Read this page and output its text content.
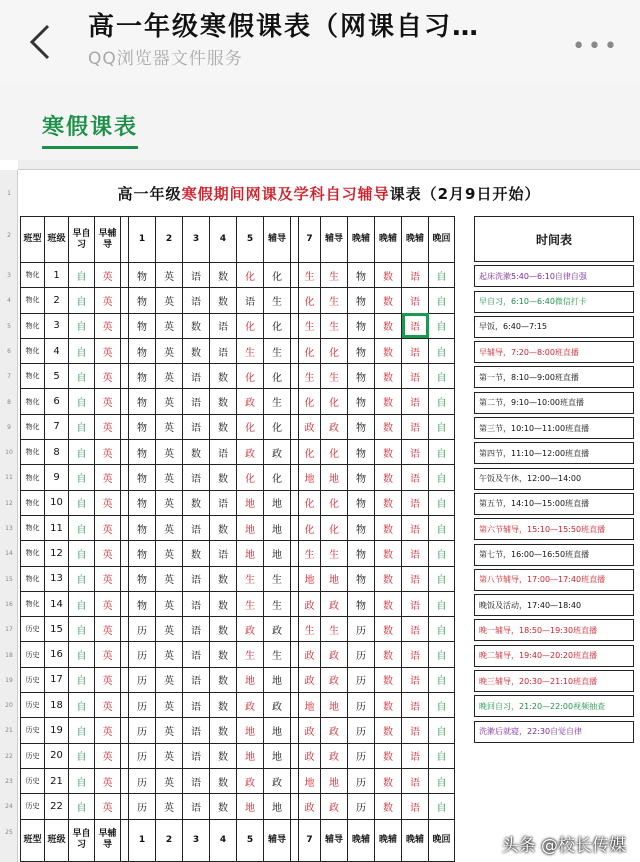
高一年级寒假课表（网课自习…
QQ浏览器文件服务	•••
寒假课表
1
2
3
4
5
6
7
8
9
10
11
12
13
14
15
16
17
18
19
20
21
22
23
24
25
高一年级 寒假期间网课及学科自习辅导 课表（2月9日开始）
班型	班级	早自习	早辅导		1	2	3	4	5	辅导		7	辅导	晚辅	晚辅	晚辅	晚回
物化	1	自	英		物	英	语	数	化	化		生	生	物	数	语	自
物化	2	自	英		物	英	语	数	语	生		化	生	物	数	语	自
物化	3	自	英		物	英	数	语	化	化		生	生	物	数	语	自
物化	4	自	英		物	英	数	语	生	生		化	化	物	数	语	自
物化	5	自	英		物	英	语	数	化	化		生	生	物	数	语	自
物化	6	自	英		物	英	语	数	政	生		化	化	物	数	语	自
物化	7	自	英		物	英	语	数	化	化		政	政	物	数	语	自
物化	8	自	英		物	英	数	语	政	政		化	化	物	数	语	自
物化	9	自	英		物	英	语	数	化	化		地	地	物	数	语	自
物化	10	自	英		物	英	数	语	地	地		化	化	物	数	语	自
物化	11	自	英		物	英	语	数	地	地		化	化	物	数	语	自
物化	12	自	英		物	英	数	语	地	地		生	生	物	数	语	自
物化	13	自	英		物	英	语	数	生	生		地	地	物	数	语	自
物化	14	自	英		物	英	语	数	生	生		政	政	物	数	语	自
历史	15	自	英		历	英	语	数	政	政		生	生	历	数	语	自
历史	16	自	英		历	英	语	数	生	生		政	政	历	数	语	自
历史	17	自	英		历	英	语	数	地	地		政	政	历	数	语	自
历史	18	自	英		历	英	语	数	政	政		地	地	历	数	语	自
历史	19	自	英		历	英	语	数	地	地		政	政	历	数	语	自
历史	20	自	英		历	英	语	数	地	地		政	政	历	数	语	自
历史	21	自	英		历	英	语	数	政	政		地	地	历	数	语	自
历史	22	自	英		历	英	语	数	地	地		政	政	历	数	语	自
班型	班级	早自习	早辅导		1	2	3	4	5	辅导		7	辅导	晚辅	晚辅	晚辅	晚回
时间表
起床洗漱5:40—6:10自律自强
早自习，6:10—6:40微信打卡
早饭，6:40—7:15
早辅导，7:20—8:00班直播
第一节，8:10—9:00班直播
第二节，9:10—10:00班直播
第三节，10:10—11:00班直播
第四节，11:10—12:00班直播
午饭及午休，12:00—14:00
第五节，14:10—15:00班直播
第六节辅导，15:10—15:50班直播
第七节，16:00—16:50班直播
第八节辅导，17:00—17:40班直播
晚饭及活动，17:40—18:40
晚一辅导，18:50—19:30班直播
晚二辅导，19:40—20:20班直播
晚三辅导，20:30—21:10班直播
晚回自习，21:20—22:00视频抽查
洗漱后就寝，22:30自觉自律
头条 @校长传媒
